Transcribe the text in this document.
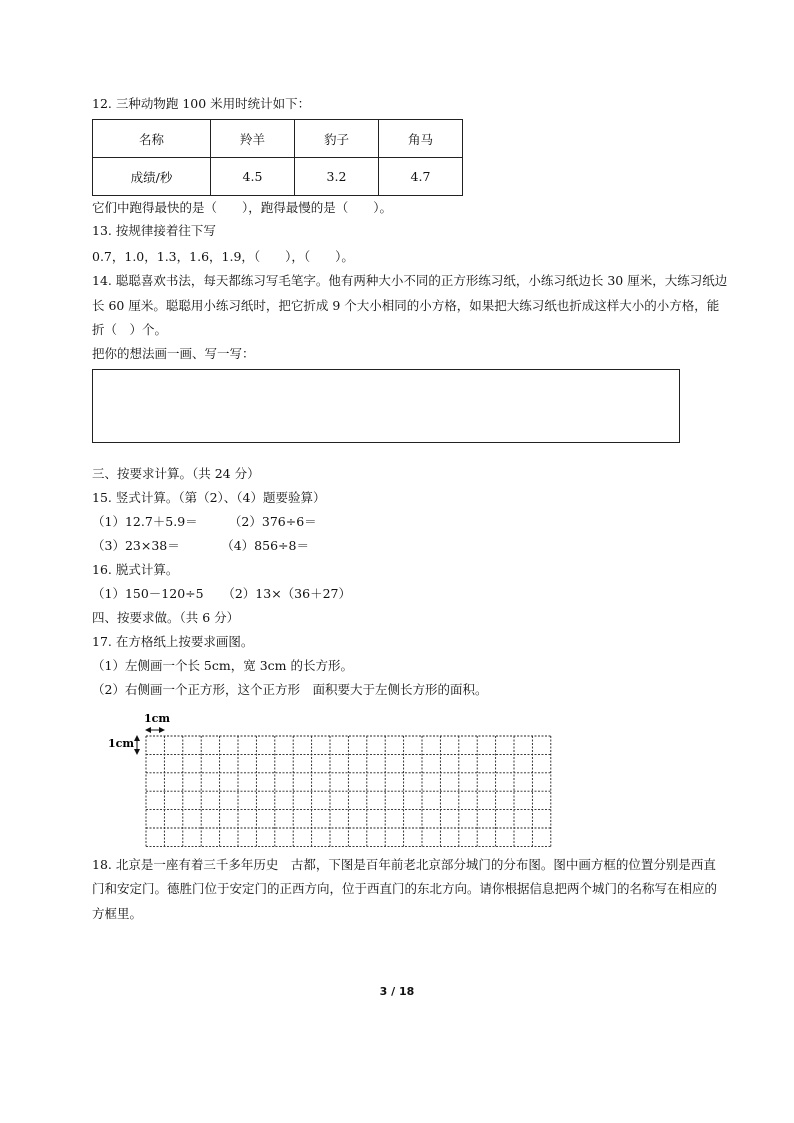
12. 三种动物跑 100 米用时统计如下：
名称	羚羊	豹子	角马
成绩/秒	4.5	3.2	4.7
它们中跑得最快的是（　　），跑得最慢的是（　　）。
13. 按规律接着往下写
0.7，1.0，1.3，1.6，1.9，（　　），（　　）。
14. 聪聪喜欢书法，每天都练习写毛笔字。他有两种大小不同的正方形练习纸，小练习纸边长 30 厘米，大练习纸边
长 60 厘米。聪聪用小练习纸时，把它折成 9 个大小相同的小方格，如果把大练习纸也折成这样大小的小方格，能
折（　）个。
把你的想法画一画、写一写：
三、按要求计算。（共 24 分）
15. 竖式计算。（第（2）、（4）题要验算）
（1）12.7＋5.9＝　　　（2）376÷6＝
（3）23×38＝　　　 （4）856÷8＝
16. 脱式计算。
（1）150－120÷5　　（2）13×（36＋27）
四、按要求做。（共 6 分）
17. 在方格纸上按要求画图。
（1）左侧画一个长 5cm，宽 3cm 的长方形。
（2）右侧画一个正方形，这个正方形　面积要大于左侧长方形的面积。
1cm
1cm
18. 北京是一座有着三千多年历史　古都，下图是百年前老北京部分城门的分布图。图中画方框的位置分别是西直
门和安定门。德胜门位于安定门的正西方向，位于西直门的东北方向。请你根据信息把两个城门的名称写在相应的
方框里。
3 / 18
